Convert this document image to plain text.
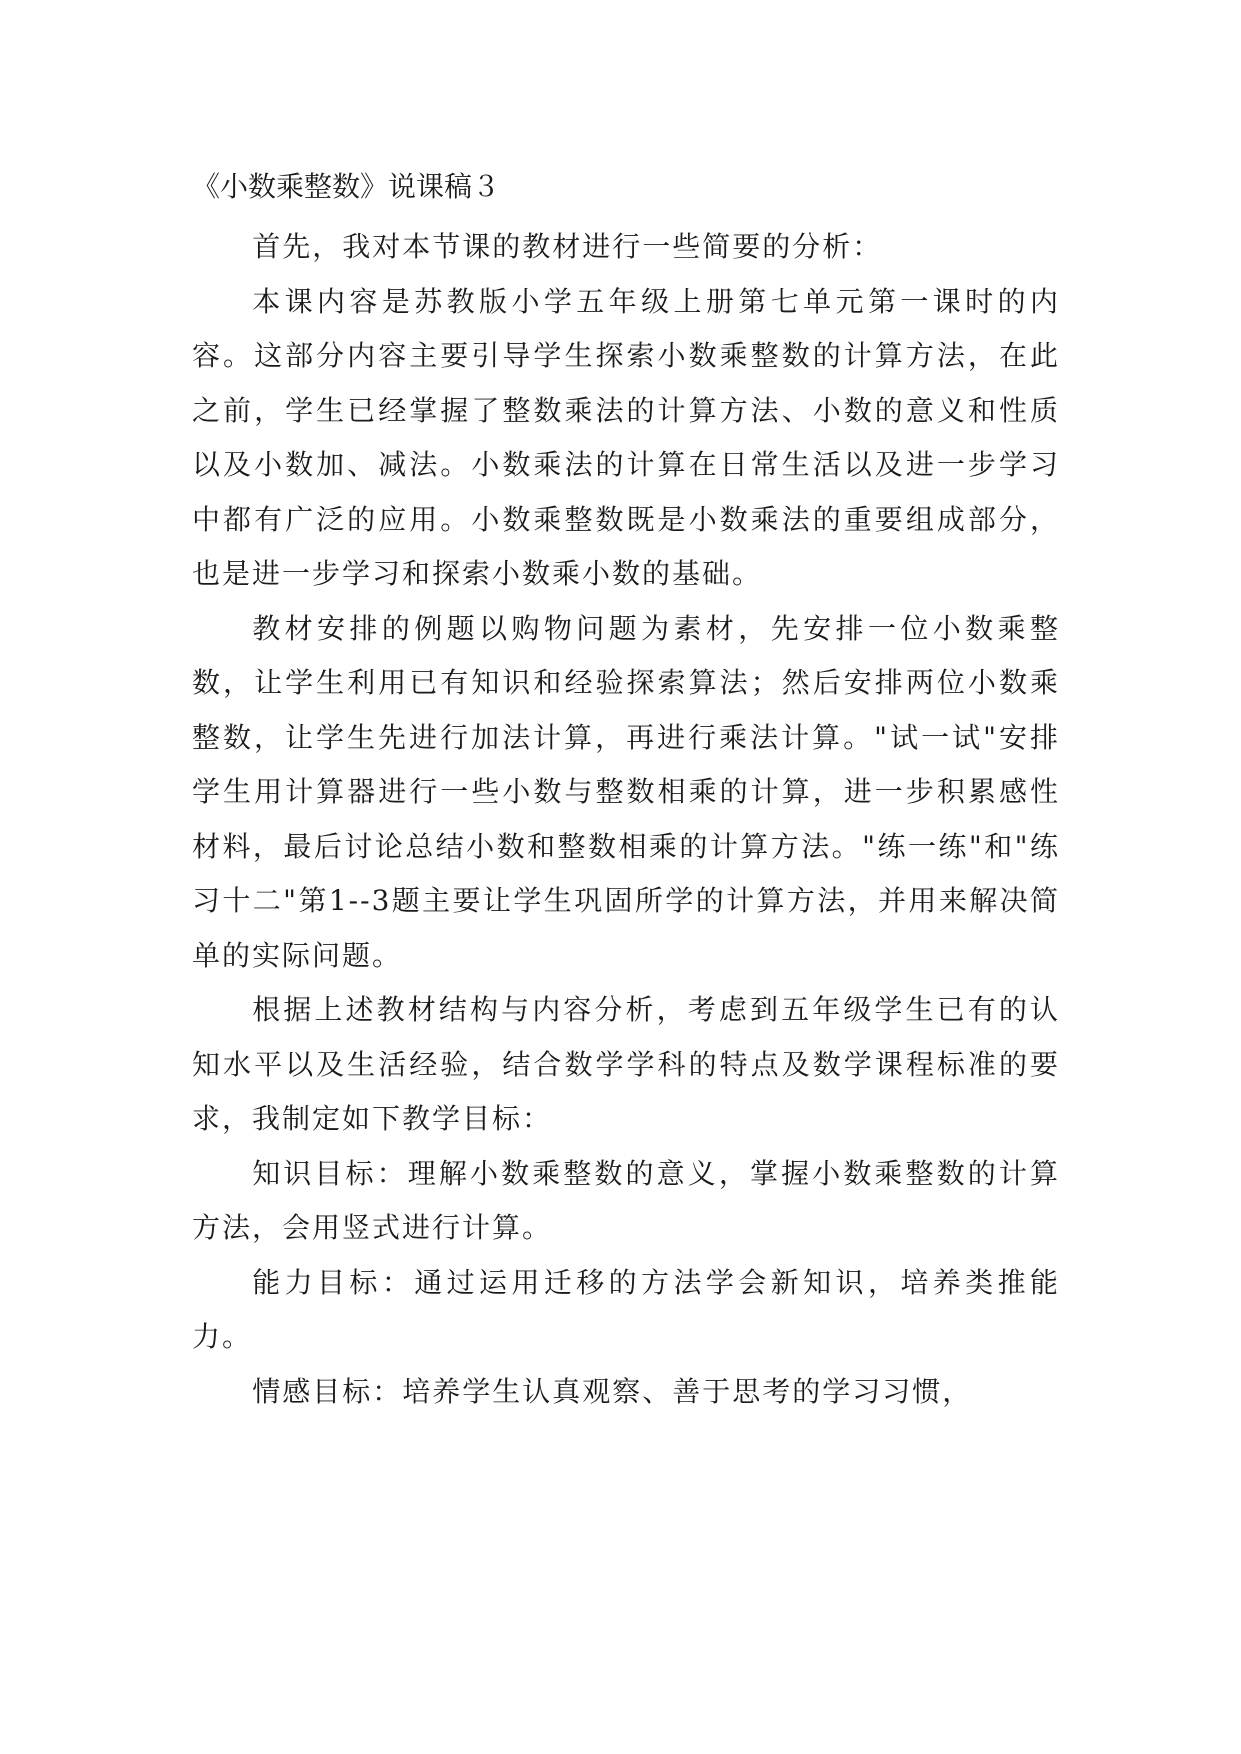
《小数乘整数》说课稿３

首先，我对本节课的教材进行一些简要的分析：

本课内容是苏教版小学五年级上册第七单元第一课时的内容。这部分内容主要引导学生探索小数乘整数的计算方法，在此之前，学生已经掌握了整数乘法的计算方法、小数的意义和性质以及小数加、减法。小数乘法的计算在日常生活以及进一步学习中都有广泛的应用。小数乘整数既是小数乘法的重要组成部分，也是进一步学习和探索小数乘小数的基础。

教材安排的例题以购物问题为素材，先安排一位小数乘整数，让学生利用已有知识和经验探索算法；然后安排两位小数乘整数，让学生先进行加法计算，再进行乘法计算。"试一试"安排学生用计算器进行一些小数与整数相乘的计算，进一步积累感性材料，最后讨论总结小数和整数相乘的计算方法。"练一练"和"练习十二"第1--3题主要让学生巩固所学的计算方法，并用来解决简单的实际问题。

根据上述教材结构与内容分析，考虑到五年级学生已有的认知水平以及生活经验，结合数学学科的特点及数学课程标准的要求，我制定如下教学目标：

知识目标：理解小数乘整数的意义，掌握小数乘整数的计算方法，会用竖式进行计算。

能力目标：通过运用迁移的方法学会新知识，培养类推能力。

情感目标：培养学生认真观察、善于思考的学习习惯，
